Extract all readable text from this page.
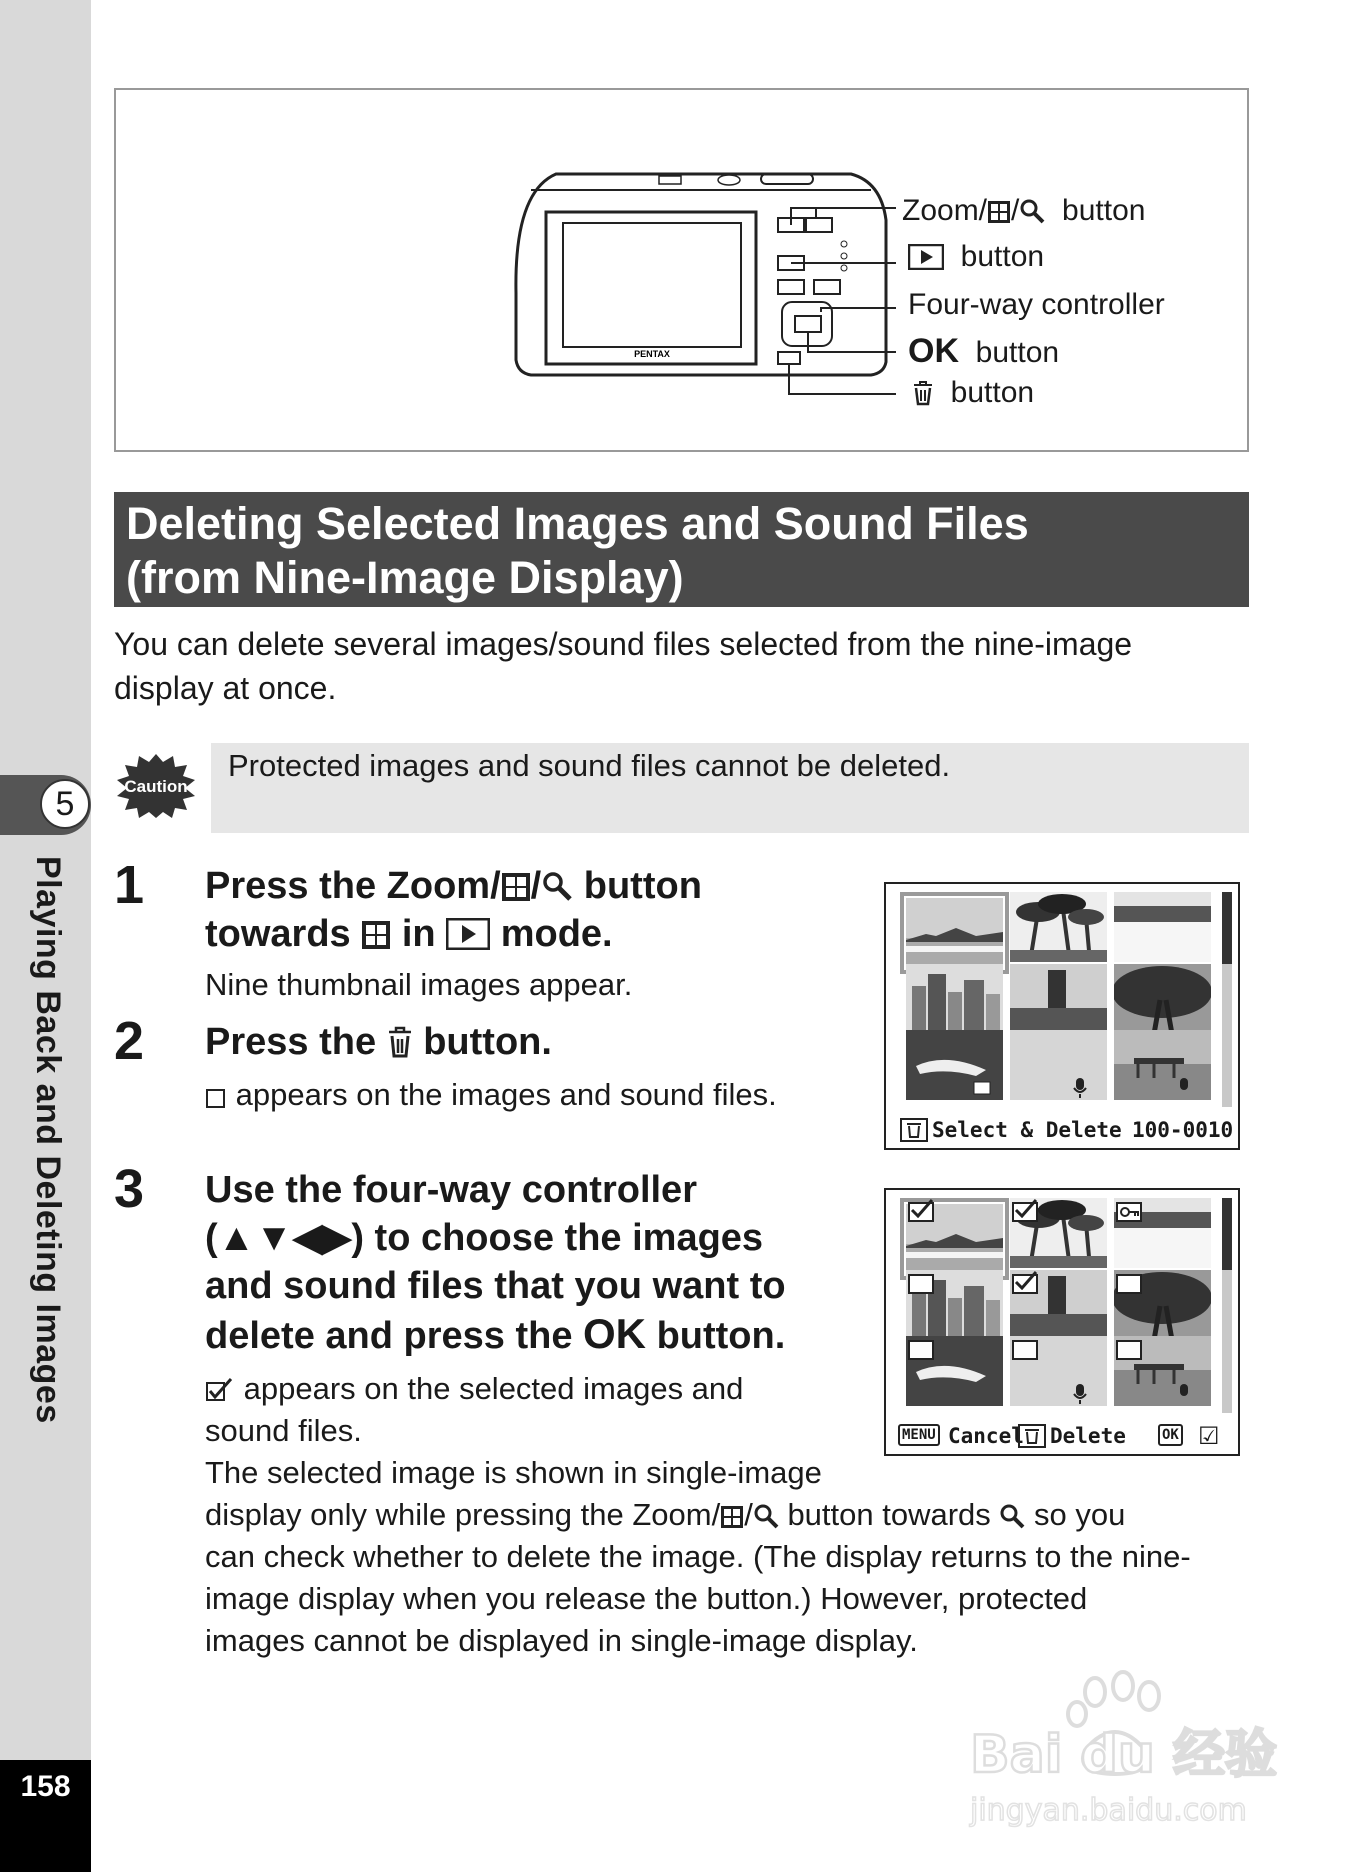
5
Playing Back and Deleting Images
158
PENTAX
Zoom/ / button
button
Four-way controller
OK button
button
Deleting Selected Images and Sound Files
(from Nine-Image Display)
You can delete several images/sound files selected from the nine-image
display at once.
Caution
Protected images and sound files cannot be deleted.
1 Press the Zoom/ /
button
towards
in
mode.
Nine thumbnail images appear.
2 Press the
button.
appears on the images and sound files.
3 Use the four-way controller
(▲▼◀▶) to choose the images
and sound files that you want to
delete and press the OK button.
appears on the selected images and
sound files.
The selected image is shown in single-image
display only while pressing the Zoom/ /
button towards
so you
can check whether to delete the image. (The display returns to the nine-
image display when you release the button.) However, protected
images cannot be displayed in single-image display.
Select & Delete 100-0010
MENU Cancel Delete	OK ☑
Bai du 经验
jingyan.baidu.com
